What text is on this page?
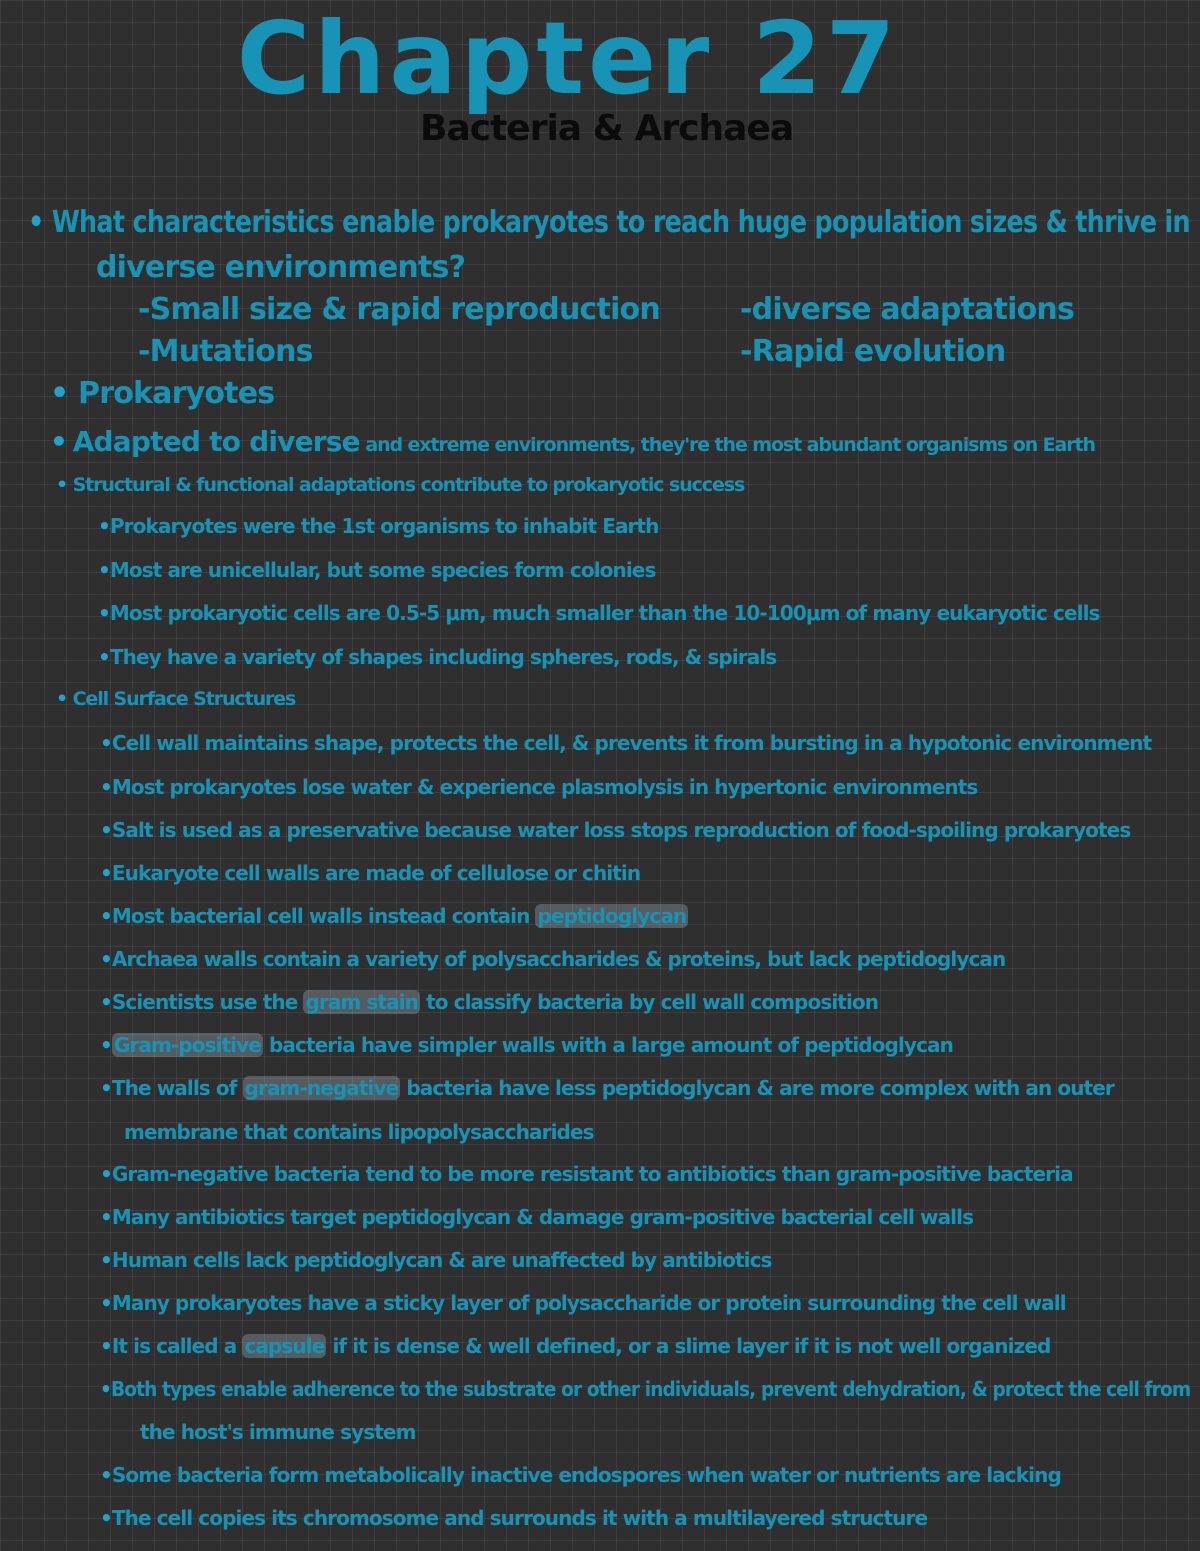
Chapter 27
Bacteria & Archaea
• What characteristics enable prokaryotes to reach huge population sizes & thrive in
diverse environments?
-Small size & rapid reproduction	-diverse adaptations
-Mutations	-Rapid evolution
• Prokaryotes
• Adapted to diverse and extreme environments, they're the most abundant organisms on Earth
• Structural & functional adaptations contribute to prokaryotic success
•Prokaryotes were the 1st organisms to inhabit Earth
•Most are unicellular, but some species form colonies
•Most prokaryotic cells are 0.5-5 μm, much smaller than the 10-100μm of many eukaryotic cells
•They have a variety of shapes including spheres, rods, & spirals
• Cell Surface Structures
•Cell wall maintains shape, protects the cell, & prevents it from bursting in a hypotonic environment
•Most prokaryotes lose water & experience plasmolysis in hypertonic environments
•Salt is used as a preservative because water loss stops reproduction of food-spoiling prokaryotes
•Eukaryote cell walls are made of cellulose or chitin
•Most bacterial cell walls instead contain peptidoglycan
•Archaea walls contain a variety of polysaccharides & proteins, but lack peptidoglycan
•Scientists use the gram stain to classify bacteria by cell wall composition
• Gram-positive bacteria have simpler walls with a large amount of peptidoglycan
•The walls of gram-negative bacteria have less peptidoglycan & are more complex with an outer
membrane that contains lipopolysaccharides
•Gram-negative bacteria tend to be more resistant to antibiotics than gram-positive bacteria
•Many antibiotics target peptidoglycan & damage gram-positive bacterial cell walls
•Human cells lack peptidoglycan & are unaffected by antibiotics
•Many prokaryotes have a sticky layer of polysaccharide or protein surrounding the cell wall
•It is called a capsule if it is dense & well defined, or a slime layer if it is not well organized
•Both types enable adherence to the substrate or other individuals, prevent dehydration, & protect the cell from
the host's immune system
•Some bacteria form metabolically inactive endospores when water or nutrients are lacking
•The cell copies its chromosome and surrounds it with a multilayered structure
